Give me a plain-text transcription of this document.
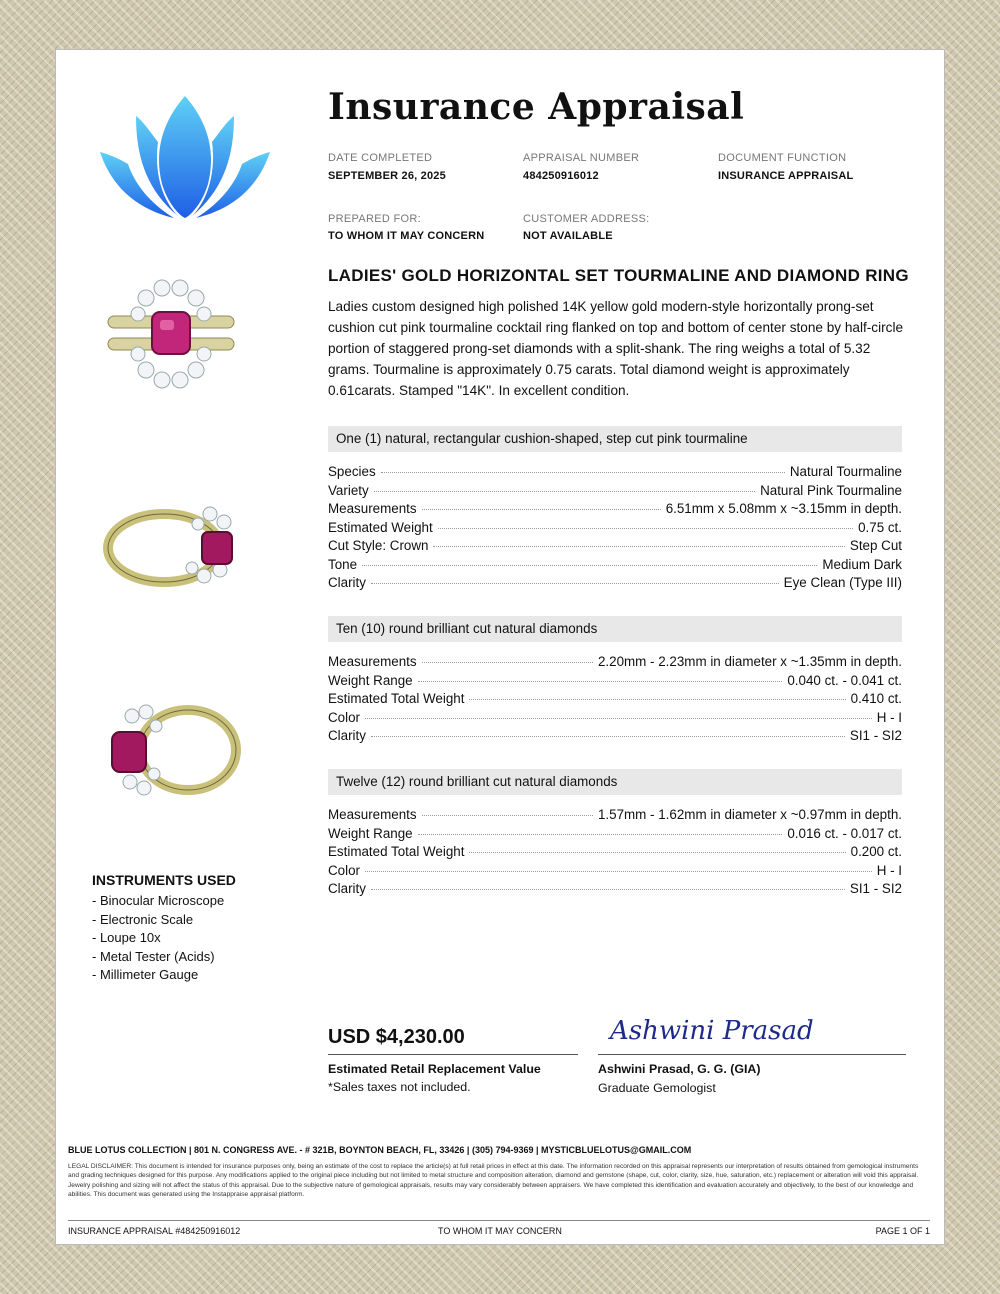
Insurance Appraisal
DATE COMPLETED
SEPTEMBER 26, 2025
APPRAISAL NUMBER
484250916012
DOCUMENT FUNCTION
INSURANCE APPRAISAL
PREPARED FOR:
TO WHOM IT MAY CONCERN
CUSTOMER ADDRESS:
NOT AVAILABLE
LADIES' GOLD HORIZONTAL SET TOURMALINE AND DIAMOND RING
Ladies custom designed high polished 14K yellow gold modern-style horizontally prong-set cushion cut pink tourmaline cocktail ring flanked on top and bottom of center stone by half-circle portion of staggered prong-set diamonds with a split-shank. The ring weighs a total of 5.32 grams. Tourmaline is approximately 0.75 carats. Total diamond weight is approximately 0.61carats. Stamped "14K". In excellent condition.
One (1) natural, rectangular cushion-shaped, step cut pink tourmaline
Species	Natural Tourmaline
Variety	Natural Pink Tourmaline
Measurements	6.51mm x 5.08mm x ~3.15mm in depth.
Estimated Weight	0.75 ct.
Cut Style: Crown	Step Cut
Tone	Medium Dark
Clarity	Eye Clean (Type III)
Ten (10) round brilliant cut natural diamonds
Measurements	2.20mm - 2.23mm in diameter x ~1.35mm in depth.
Weight Range	0.040 ct. - 0.041 ct.
Estimated Total Weight	0.410 ct.
Color	H - I
Clarity	SI1 - SI2
Twelve (12) round brilliant cut natural diamonds
Measurements	1.57mm - 1.62mm in diameter x ~0.97mm in depth.
Weight Range	0.016 ct. - 0.017 ct.
Estimated Total Weight	0.200 ct.
Color	H - I
Clarity	SI1 - SI2
INSTRUMENTS USED
- Binocular Microscope
- Electronic Scale
- Loupe 10x
- Metal Tester (Acids)
- Millimeter Gauge
USD $4,230.00
Estimated Retail Replacement Value
*Sales taxes not included.
Ashwini Prasad
Ashwini Prasad, G. G. (GIA)
Graduate Gemologist
BLUE LOTUS COLLECTION | 801 N. CONGRESS AVE. - # 321B, BOYNTON BEACH, FL, 33426 | (305) 794-9369 | MYSTICBLUELOTUS@GMAIL.COM
LEGAL DISCLAIMER: This document is intended for insurance purposes only, being an estimate of the cost to replace the article(s) at full retail prices in effect at this date. The information recorded on this appraisal represents our interpretation of results obtained from gemological instruments and grading techniques designed for this purpose. Any modifications applied to the original piece including but not limited to metal structure and composition alteration, diamond and gemstone (shape, cut, color, clarity, size, hue, saturation, etc.) replacement or alteration will void this appraisal. Jewelry polishing and sizing will not affect the status of this appraisal. Due to the subjective nature of gemological appraisals, results may vary considerably between appraisers. We have completed this identification and evaluation accurately and objectively, to the best of our knowledge and abilities. This document was generated using the Instappraise appraisal platform.
INSURANCE APPRAISAL #484250916012	TO WHOM IT MAY CONCERN	PAGE 1 OF 1
